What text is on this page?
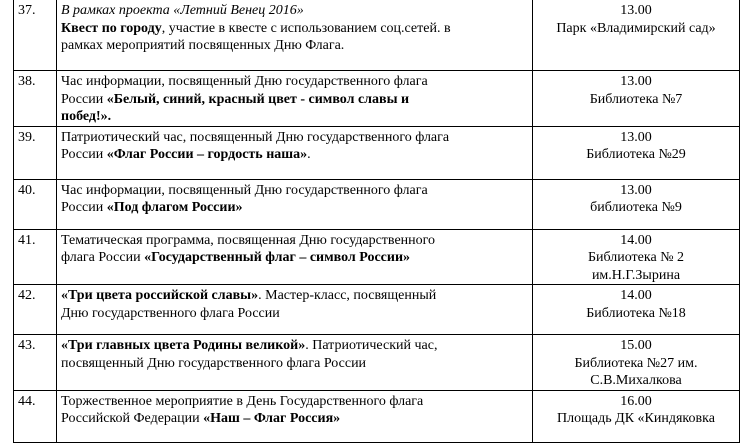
37.	В рамках проекта «Летний Венец 2016»
Квест по городу, участие в квесте с использованием соц.сетей. в
рамках мероприятий посвященных Дню Флага.	13.00
Парк «Владимирский сад»

38.	Час информации, посвященный Дню государственного флага
России «Белый, синий, красный цвет - символ славы и
побед!».	13.00
Библиотека №7

39.	Патриотический час, посвященный Дню государственного флага
России «Флаг России – гордость наша».	13.00
Библиотека №29

40.	Час информации, посвященный Дню государственного флага
России «Под флагом России»	13.00
библиотека №9

41.	Тематическая программа, посвященная Дню государственного
флага России «Государственный флаг – символ России»	14.00
Библиотека № 2
им.Н.Г.Зырина

42.	«Три цвета российской славы». Мастер-класс, посвященный
Дню государственного флага России	14.00
Библиотека №18

43.	«Три главных цвета Родины великой». Патриотический час,
посвященный Дню государственного флага России	15.00
Библиотека №27 им.
С.В.Михалкова

44.	Торжественное мероприятие в День Государственного флага
Российской Федерации «Наш – Флаг Россия»	16.00
Площадь ДК «Киндяковка
